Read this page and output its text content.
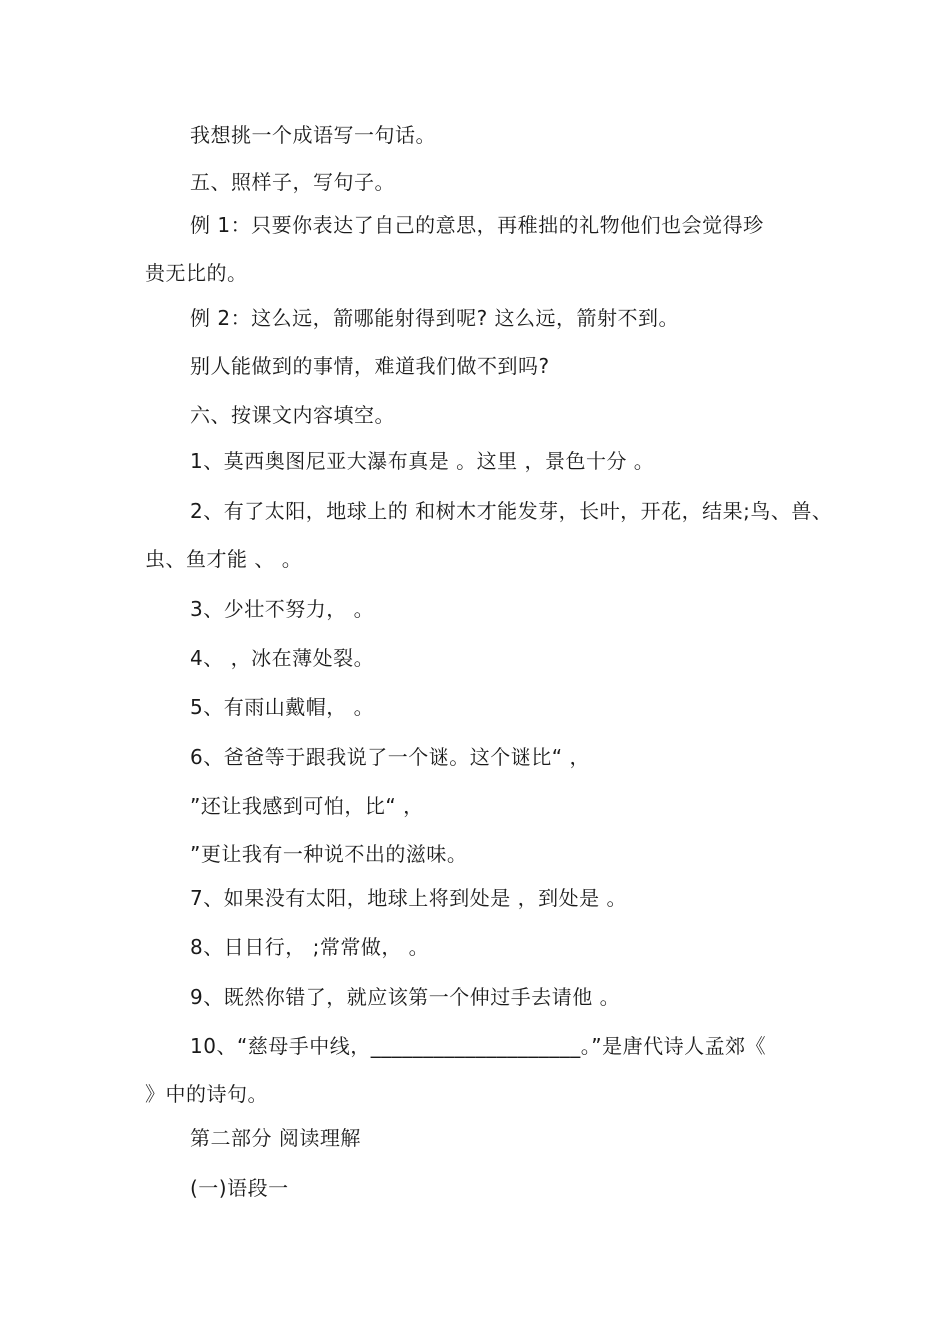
我想挑一个成语写一句话。
五、照样子，写句子。
例 1：只要你表达了自己的意思，再稚拙的礼物他们也会觉得珍
贵无比的。
例 2：这么远，箭哪能射得到呢? 这么远，箭射不到。
别人能做到的事情，难道我们做不到吗?
六、按课文内容填空。
1、莫西奥图尼亚大瀑布真是 。这里 ，景色十分 。
2、有了太阳，地球上的 和树木才能发芽，长叶，开花，结果;鸟、兽、
虫、鱼才能 、 。
3、少壮不努力， 。
4、 ，冰在薄处裂。
5、有雨山戴帽， 。
6、爸爸等于跟我说了一个谜。这个谜比“ ，
”还让我感到可怕，比“ ，
”更让我有一种说不出的滋味。
7、如果没有太阳，地球上将到处是 ，到处是 。
8、日日行， ;常常做， 。
9、既然你错了，就应该第一个伸过手去请他 。
10、“慈母手中线，____________________。”是唐代诗人孟郊《
》中的诗句。
第二部分 阅读理解
(一)语段一
